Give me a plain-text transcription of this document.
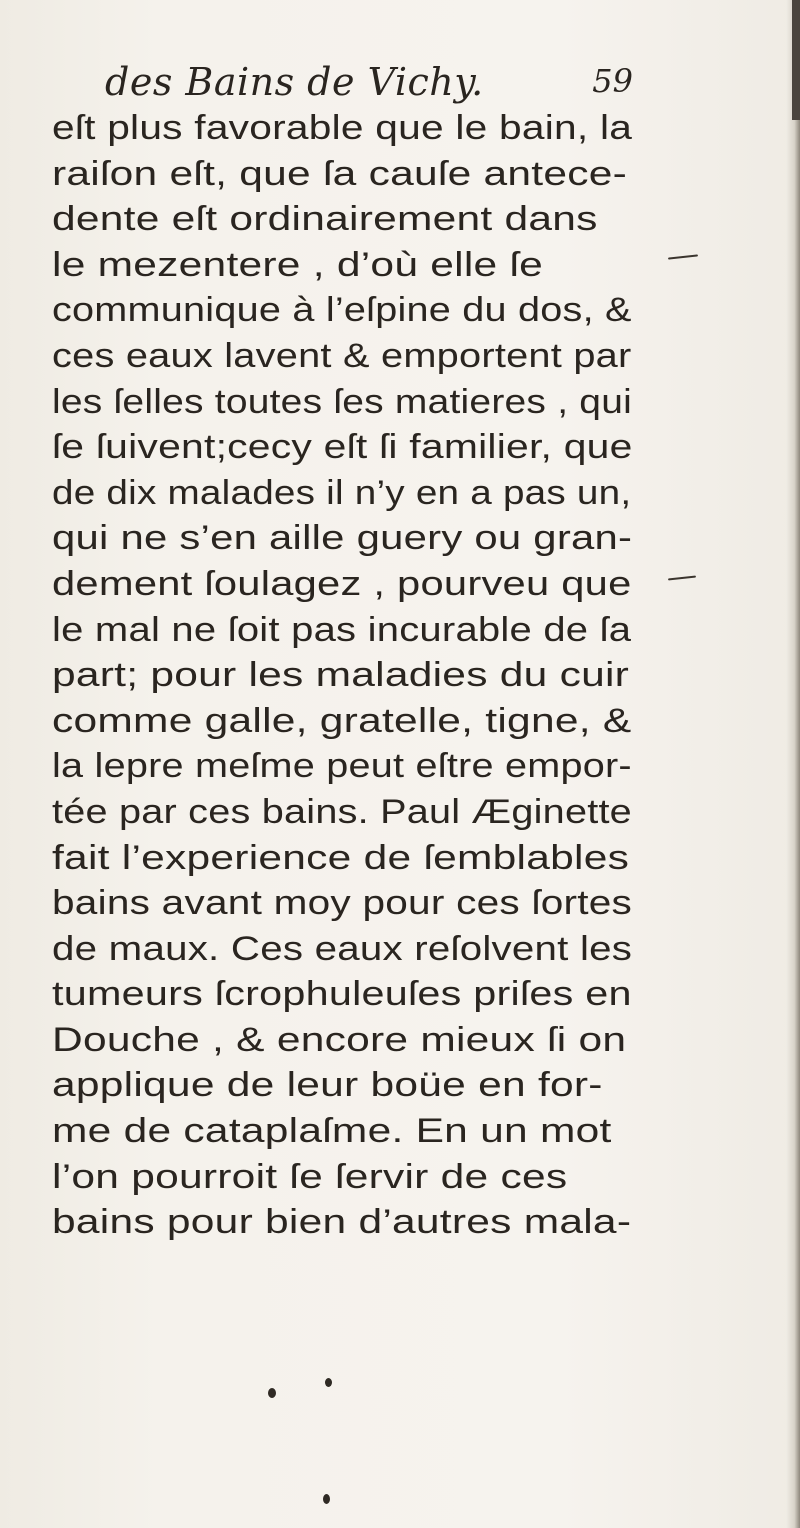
des Bains de Vichy.	59
eſt plus favorable que le bain, la
raiſon eſt, que ſa cauſe antece-
dente eſt ordinairement dans
le mezentere , d’où elle ſe
communique à l’eſpine du dos, &
ces eaux lavent & emportent par
les ſelles toutes ſes matieres , qui
ſe ſuivent;cecy eſt ſi familier, que
de dix malades il n’y en a pas un,
qui ne s’en aille guery ou gran-
dement ſoulagez , pourveu que
le mal ne ſoit pas incurable de ſa
part; pour les maladies du cuir
comme galle, gratelle, tigne, &
la lepre meſme peut eſtre empor-
tée par ces bains. Paul Æginette
fait l’experience de ſemblables
bains avant moy pour ces ſortes
de maux. Ces eaux reſolvent les
tumeurs ſcrophuleuſes priſes en
Douche , & encore mieux ſi on
applique de leur boüe en for-
me de cataplaſme. En un mot
l’on pourroit ſe ſervir de ces
bains pour bien d’autres mala-
